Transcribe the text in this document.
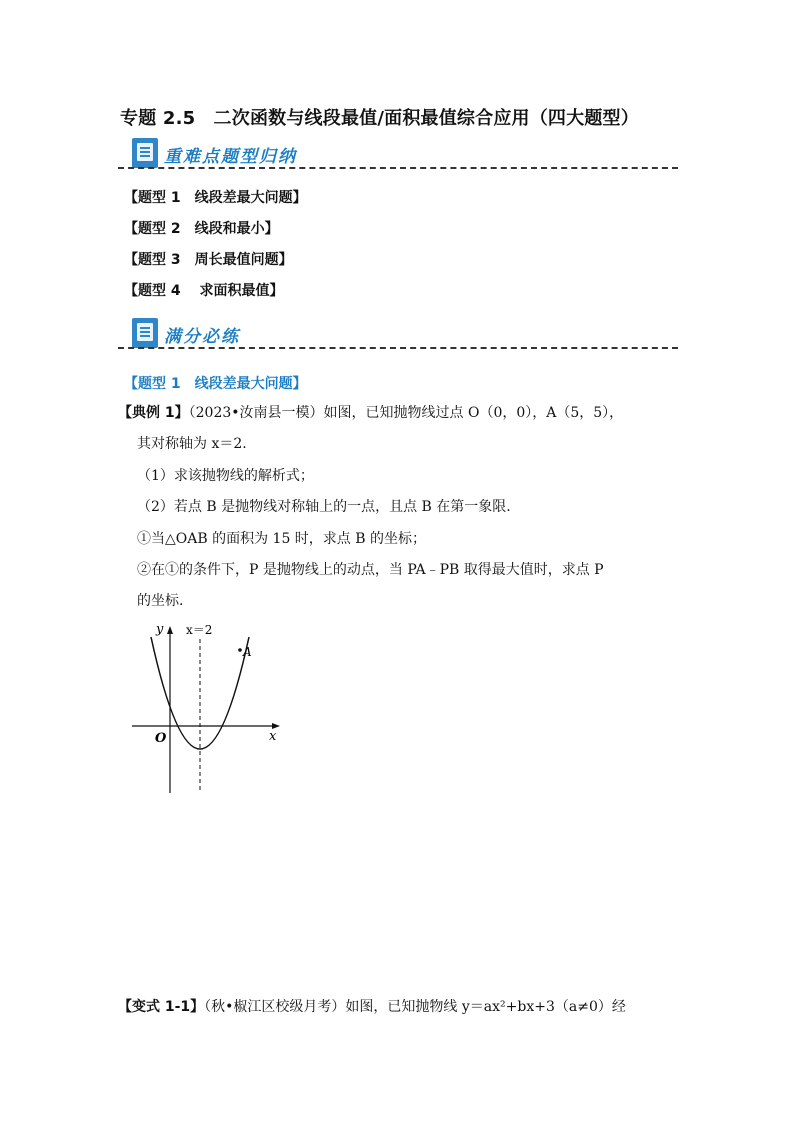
专题 2.5　二次函数与线段最值/面积最值综合应用（四大题型）
重难点题型归纳
【题型 1　线段差最大问题】
【题型 2　线段和最小】
【题型 3　周长最值问题】
【题型 4　 求面积最值】
满分必练
【题型 1　线段差最大问题】
【典例 1】（2023•汝南县一模）如图，已知抛物线过点 O（0，0），A（5，5），
其对称轴为 x＝2.
（1）求该抛物线的解析式；
（2）若点 B 是抛物线对称轴上的一点，且点 B 在第一象限.
①当△OAB 的面积为 15 时，求点 B 的坐标；
②在①的条件下，P 是抛物线上的动点，当 PA﹣PB 取得最大值时，求点 P
的坐标.
y
x
O
A
x＝2
【变式 1-1】（秋•椒江区校级月考）如图，已知抛物线 y＝ax²+bx+3（a≠0）经
